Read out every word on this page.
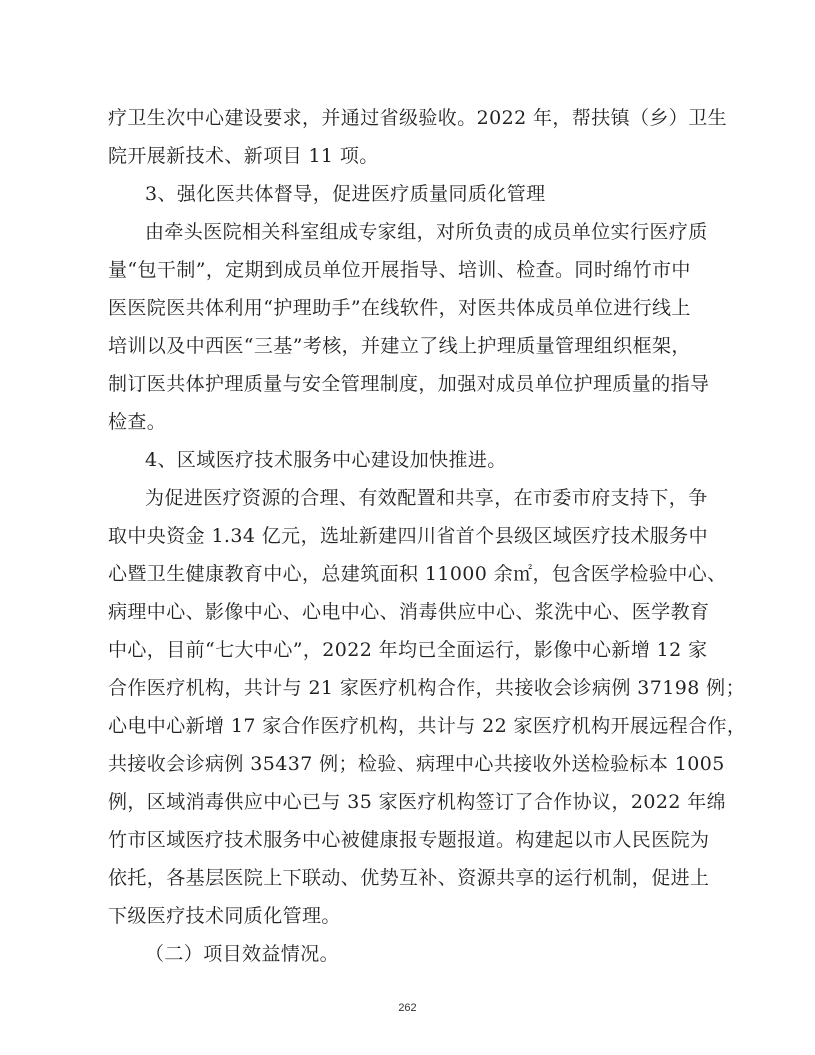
疗卫生次中心建设要求，并通过省级验收。2022 年，帮扶镇（乡）卫生
院开展新技术、新项目 11 项。
3、强化医共体督导，促进医疗质量同质化管理
由牵头医院相关科室组成专家组，对所负责的成员单位实行医疗质
量“包干制”，定期到成员单位开展指导、培训、检查。同时绵竹市中
医医院医共体利用“护理助手”在线软件，对医共体成员单位进行线上
培训以及中西医“三基”考核，并建立了线上护理质量管理组织框架，
制订医共体护理质量与安全管理制度，加强对成员单位护理质量的指导
检查。
4、区域医疗技术服务中心建设加快推进。
为促进医疗资源的合理、有效配置和共享，在市委市府支持下，争
取中央资金 1.34 亿元，选址新建四川省首个县级区域医疗技术服务中
心暨卫生健康教育中心，总建筑面积 11000 余㎡，包含医学检验中心、
病理中心、影像中心、心电中心、消毒供应中心、浆洗中心、医学教育
中心，目前“七大中心”，2022 年均已全面运行，影像中心新增 12 家
合作医疗机构，共计与 21 家医疗机构合作，共接收会诊病例 37198 例；
心电中心新增 17 家合作医疗机构，共计与 22 家医疗机构开展远程合作，
共接收会诊病例 35437 例；检验、病理中心共接收外送检验标本 1005
例，区域消毒供应中心已与 35 家医疗机构签订了合作协议，2022 年绵
竹市区域医疗技术服务中心被健康报专题报道。构建起以市人民医院为
依托，各基层医院上下联动、优势互补、资源共享的运行机制，促进上
下级医疗技术同质化管理。
（二）项目效益情况。
262
